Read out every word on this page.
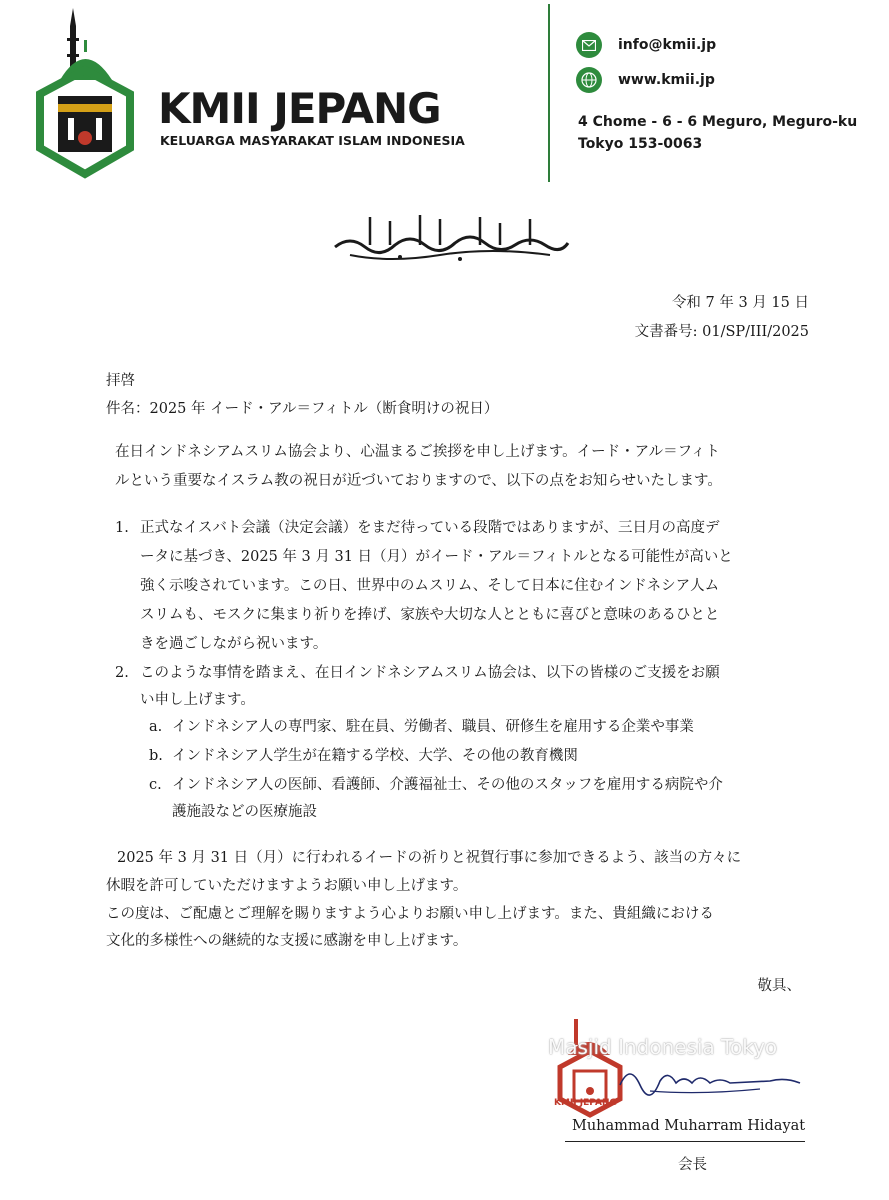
KMII JEPANG
KELUARGA MASYARAKAT ISLAM INDONESIA
info@kmii.jp
www.kmii.jp
4 Chome - 6 - 6 Meguro, Meguro-ku
Tokyo 153-0063
令和 7 年 3 月 15 日
文書番号: 01/SP/III/2025
拝啓
件名：2025 年 イード・アル＝フィトル（断食明けの祝日）
在日インドネシアムスリム協会より、心温まるご挨拶を申し上げます。イード・アル＝フィト
ルという重要なイスラム教の祝日が近づいておりますので、以下の点をお知らせいたします。
1. 正式なイスバト会議（決定会議）をまだ待っている段階ではありますが、三日月の高度デ
ータに基づき、2025 年 3 月 31 日（月）がイード・アル＝フィトルとなる可能性が高いと
強く示唆されています。この日、世界中のムスリム、そして日本に住むインドネシア人ム
スリムも、モスクに集まり祈りを捧げ、家族や大切な人とともに喜びと意味のあるひとと
きを過ごしながら祝います。
2. このような事情を踏まえ、在日インドネシアムスリム協会は、以下の皆様のご支援をお願
い申し上げます。
a. インドネシア人の専門家、駐在員、労働者、職員、研修生を雇用する企業や事業
b. インドネシア人学生が在籍する学校、大学、その他の教育機関
c. インドネシア人の医師、看護師、介護福祉士、その他のスタッフを雇用する病院や介
護施設などの医療施設
2025 年 3 月 31 日（月）に行われるイードの祈りと祝賀行事に参加できるよう、該当の方々に
休暇を許可していただけますようお願い申し上げます。
この度は、ご配慮とご理解を賜りますよう心よりお願い申し上げます。また、貴組織における
文化的多様性への継続的な支援に感謝を申し上げます。
敬具、
KMII JEPANG
Masjid Indonesia Tokyo
Muhammad Muharram Hidayat
会長
